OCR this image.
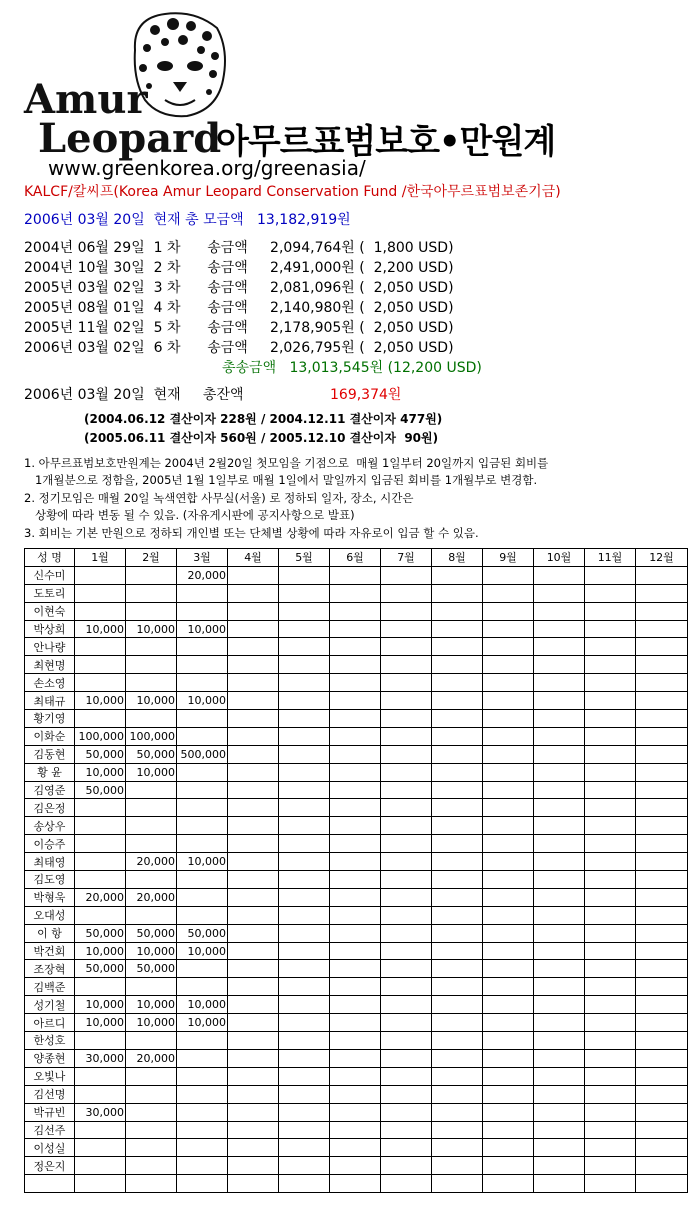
Amur
Leopard
아무르표범보호•만원계
www.greenkorea.org/greenasia/
KALCF/칼씨프(Korea Amur Leopard Conservation Fund /한국아무르표범보존기금)
2006년 03월 20일  현재 총 모금액   13,182,919원
2004년 06월 29일  1 차      송금액     2,094,764원 (  1,800 USD)
2004년 10월 30일  2 차      송금액     2,491,000원 (  2,200 USD)
2005년 03월 02일  3 차      송금액     2,081,096원 (  2,050 USD)
2005년 08월 01일  4 차      송금액     2,140,980원 (  2,050 USD)
2005년 11월 02일  5 차      송금액     2,178,905원 (  2,050 USD)
2006년 03월 02일  6 차      송금액     2,026,795원 (  2,050 USD)
총송금액   13,013,545원 (12,200 USD)
2006년 03월 20일  현재     총잔액	169,374원
(2004.06.12 결산이자 228원 / 2004.12.11 결산이자 477원)
(2005.06.11 결산이자 560원 / 2005.12.10 결산이자  90원)
1. 아무르표범보호만원계는 2004년 2월20일 첫모임을 기점으로  매월 1일부터 20일까지 입금된 회비를
1개월분으로 정함을, 2005년 1월 1일부로 매월 1일에서 말일까지 입금된 회비를 1개월부로 변경함.
2. 정기모임은 매월 20일 녹색연합 사무실(서울) 로 정하되 일자, 장소, 시간은
상황에 따라 변동 될 수 있음. (자유게시판에 공지사항으로 발표)
3. 회비는 기본 만원으로 정하되 개인별 또는 단체별 상황에 따라 자유로이 입금 할 수 있음.
성 명	1월	2월	3월	4월	5월	6월	7월	8월	9월	10월	11월	12월
신수미			20,000									
도토리												
이현숙												
박상희	10,000	10,000	10,000									
안나량												
최현명												
손소영												
최태규	10,000	10,000	10,000									
황기영												
이화순	100,000	100,000										
김동현	50,000	50,000	500,000									
황 윤	10,000	10,000										
김영준	50,000											
김은정												
송상우												
이승주												
최태영		20,000	10,000									
김도영												
박형욱	20,000	20,000										
오대성												
이 항	50,000	50,000	50,000									
박건회	10,000	10,000	10,000									
조장혁	50,000	50,000										
김백준												
성기철	10,000	10,000	10,000									
아르디	10,000	10,000	10,000									
한성호												
양종현	30,000	20,000										
오빛나												
김선명												
박규빈	30,000											
김선주												
이성실												
정은지												
